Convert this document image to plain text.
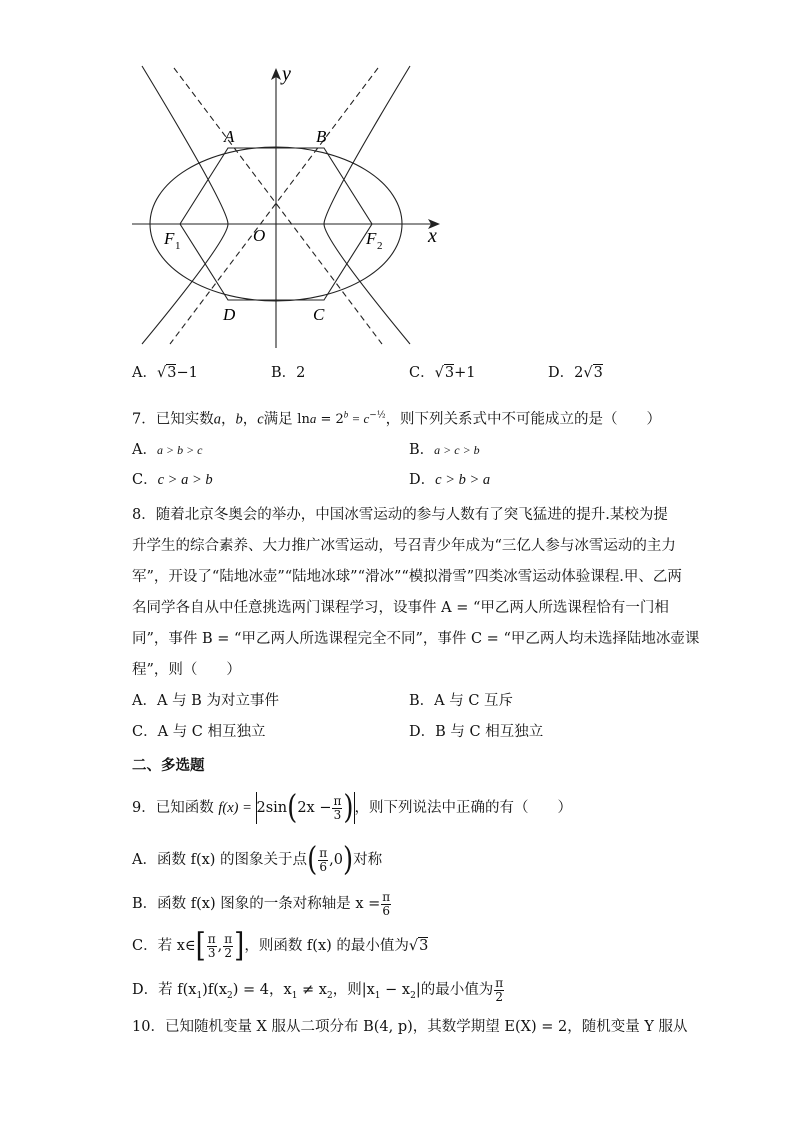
y
x
A	B
O
F 1	F 2
D	C
A．√3−1	B．2	C．√3+1	D．2√3
7．已知实数a，b，c满足 $\ln a = 2^b = c^{-\frac{1}{2}}$，则下列关系式中不可能成立的是（　　）
A．a > b > c	B．a > c > b
C．c > a > b	D．c > b > a
8．随着北京冬奥会的举办，中国冰雪运动的参与人数有了突飞猛进的提升.某校为提
升学生的综合素养、大力推广冰雪运动，号召青少年成为“三亿人参与冰雪运动的主力
军”，开设了“陆地冰壶”“陆地冰球”“滑冰”“模拟滑雪”四类冰雪运动体验课程.甲、乙两
名同学各自从中任意挑选两门课程学习，设事件 A = “甲乙两人所选课程恰有一门相
同”，事件 B = “甲乙两人所选课程完全不同”，事件 C = “甲乙两人均未选择陆地冰壶课
程”，则（　　）
A．A 与 B 为对立事件	B．A 与 C 互斥
C．A 与 C 相互独立	D．B 与 C 相互独立
二、多选题
9．已知函数 $f(x) = 2\sin(2x - \frac{\pi}{3}$ )，则下列说法中正确的有（　　）
A．函数 f(x) 的图象关于点( $\frac{\pi}{6} ,0$)对称
B．函数 f(x) 图象的一条对称轴是 $x = \frac{\pi}{6}$
C．若 x∈[ $\frac{\pi}{3}$ , $\frac{\pi}{2}$ ]，则函数 f(x) 的最小值为√3
D．若 $f(x_1)f(x_2) = 4$，$x_1 \ne x_2$，则$|x_1 - x_2|$的最小值为 $\frac{\pi}{2}$
10．已知随机变量 X 服从二项分布 B(4, p)，其数学期望 E(X) = 2，随机变量 Y 服从
